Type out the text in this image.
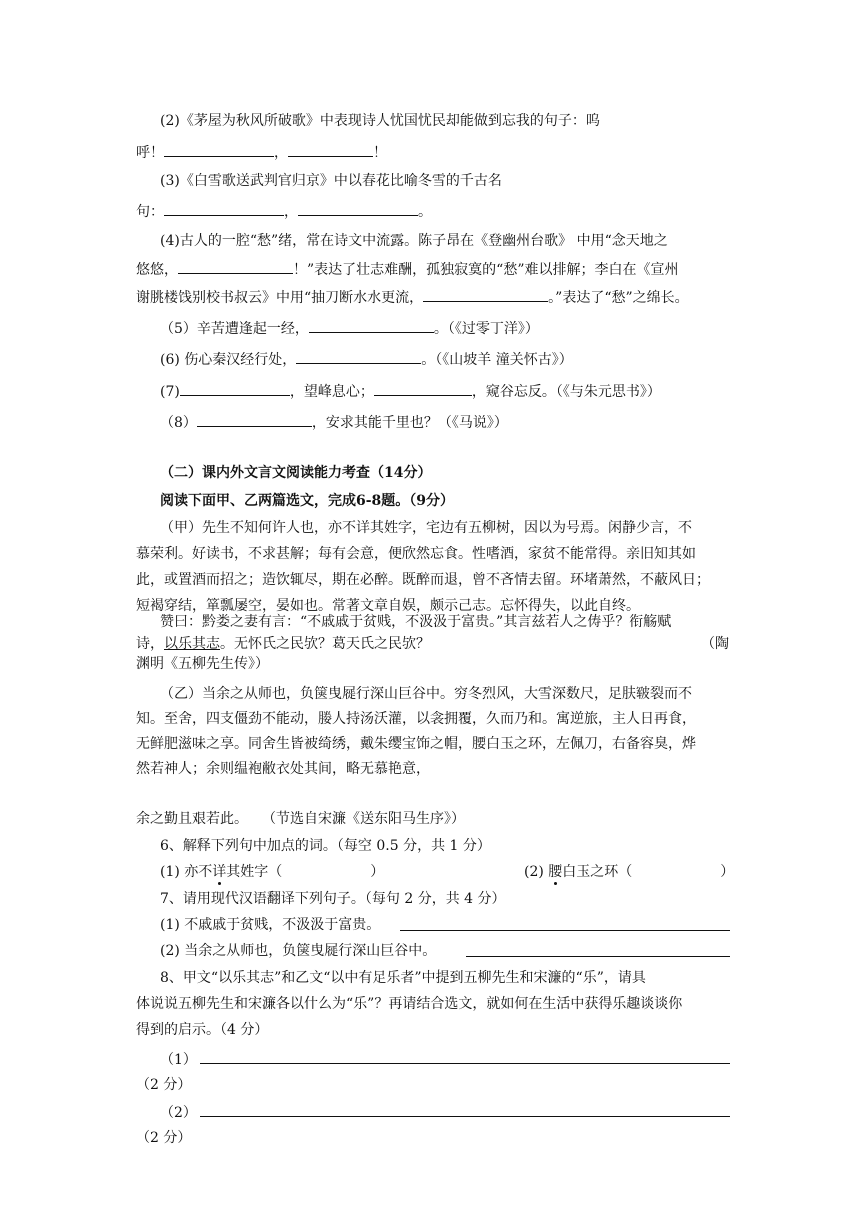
(2)《茅屋为秋风所破歌》中表现诗人忧国忧民却能做到忘我的句子：呜
呼！	，	！
(3)《白雪歌送武判官归京》中以春花比喻冬雪的千古名
句：	，	。
(4)古人的一腔“愁”绪，常在诗文中流露。陈子昂在《登幽州台歌》 中用“念天地之
悠悠，	！”表达了壮志难酬，孤独寂寞的“愁”难以排解；李白在《宣州
谢朓楼饯别校书叔云》中用“抽刀断水水更流，	。”表达了“愁”之绵长。
（5）辛苦遭逢起一经，	。（《过零丁洋》）
(6) 伤心秦汉经行处，	。（《山坡羊 潼关怀古》）
(7)	，望峰息心；	，窥谷忘反。（《与朱元思书》）
（8）	，安求其能千里也？（《马说》）
（二）课内外文言文阅读能力考查（14分）
阅读下面甲、乙两篇选文，完成6-8题。（9分）
（甲）先生不知何许人也，亦不详其姓字，宅边有五柳树，因以为号焉。闲静少言，不
慕荣利。好读书，不求甚解；每有会意，便欣然忘食。性嗜酒，家贫不能常得。亲旧知其如
此，或置酒而招之；造饮辄尽，期在必醉。既醉而退，曾不吝情去留。环堵萧然，不蔽风日；
短褐穿结，箪瓢屡空，晏如也。常著文章自娱，颇示己志。忘怀得失，以此自终。
赞曰：黔娄之妻有言：“不戚戚于贫贱，不汲汲于富贵。”其言兹若人之俦乎？衔觞赋
诗，以乐其志。无怀氏之民欤？葛天氏之民欤？	（陶
渊明《五柳先生传》）
（乙）当余之从师也，负箧曳屣行深山巨谷中。穷冬烈风，大雪深数尺，足肤皲裂而不
知。至舍，四支僵劲不能动，媵人持汤沃灌，以衾拥覆，久而乃和。寓逆旅，主人日再食，
无鲜肥滋味之享。同舍生皆被绮绣，戴朱缨宝饰之帽，腰白玉之环，左佩刀，右备容臭，烨
然若神人；余则缊袍敝衣处其间，略无慕艳意，
余之勤且艰若此。　　（节选自宋濂《送东阳马生序》）
6、解释下列句中加点的词。（每空 0.5 分，共 1 分）
(1) 亦不详其姓字（	）	(2) 腰白玉之环（	）
7、请用现代汉语翻译下列句子。（每句 2 分，共 4 分）
(1) 不戚戚于贫贱，不汲汲于富贵。
(2) 当余之从师也，负箧曳屣行深山巨谷中。
8、甲文“以乐其志”和乙文“以中有足乐者”中提到五柳先生和宋濂的“乐”，请具
体说说五柳先生和宋濂各以什么为“乐”？再请结合选文，就如何在生活中获得乐趣谈谈你
得到的启示。（4 分）
（1）
（2 分）
（2）
（2 分）
